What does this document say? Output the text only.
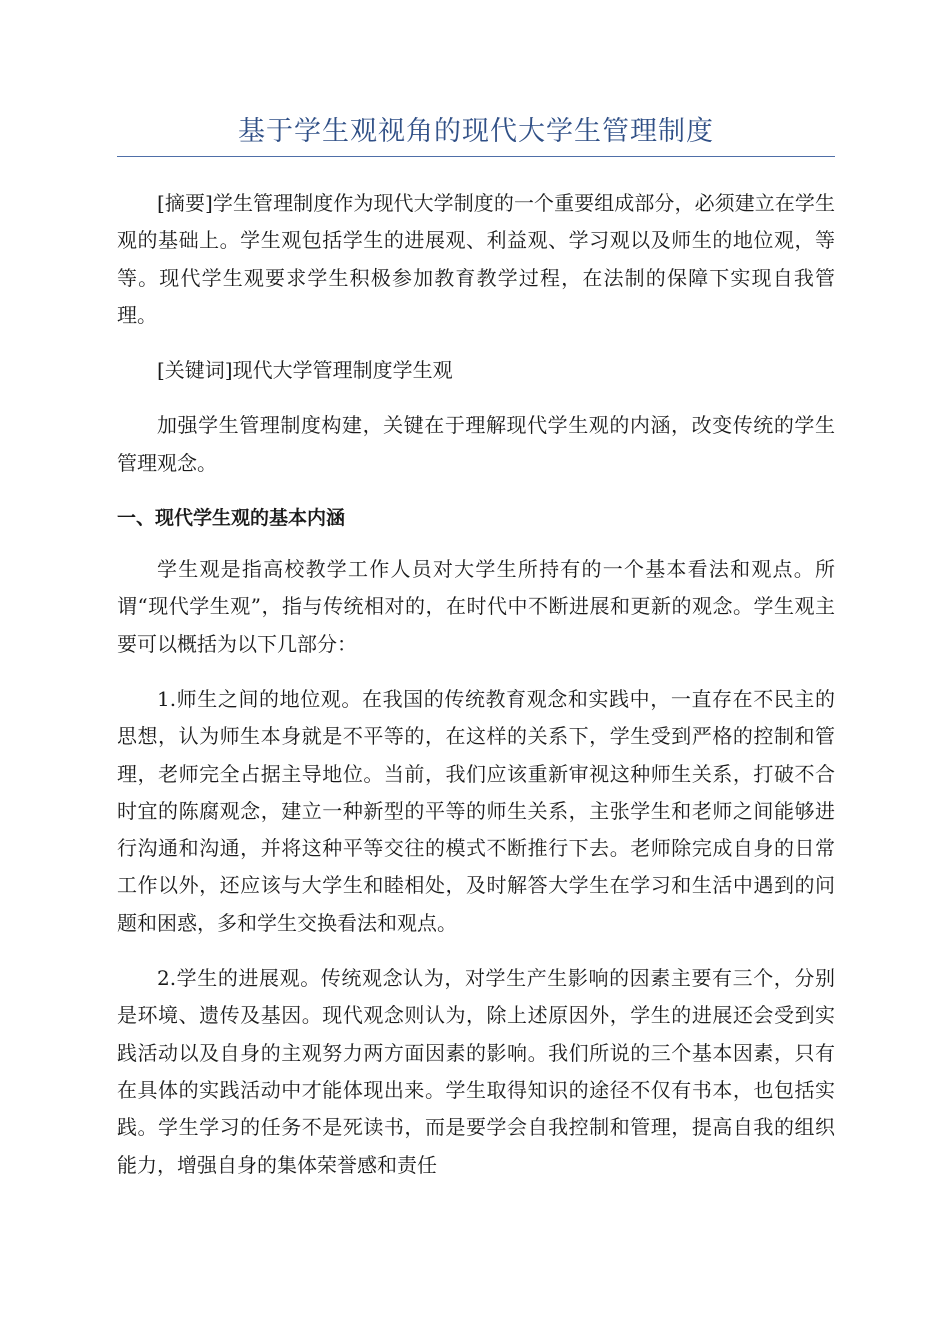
基于学生观视角的现代大学生管理制度

[摘要]学生管理制度作为现代大学制度的一个重要组成部分，必须建立在学生观的基础上。学生观包括学生的进展观、利益观、学习观以及师生的地位观，等等。现代学生观要求学生积极参加教育教学过程，在法制的保障下实现自我管理。

[关键词]现代大学管理制度学生观

加强学生管理制度构建，关键在于理解现代学生观的内涵，改变传统的学生管理观念。

一、现代学生观的基本内涵

学生观是指高校教学工作人员对大学生所持有的一个基本看法和观点。所谓“现代学生观”，指与传统相对的，在时代中不断进展和更新的观念。学生观主要可以概括为以下几部分：

1.师生之间的地位观。在我国的传统教育观念和实践中，一直存在不民主的思想，认为师生本身就是不平等的，在这样的关系下，学生受到严格的控制和管理，老师完全占据主导地位。当前，我们应该重新审视这种师生关系，打破不合时宜的陈腐观念，建立一种新型的平等的师生关系，主张学生和老师之间能够进行沟通和沟通，并将这种平等交往的模式不断推行下去。老师除完成自身的日常工作以外，还应该与大学生和睦相处，及时解答大学生在学习和生活中遇到的问题和困惑，多和学生交换看法和观点。

2.学生的进展观。传统观念认为，对学生产生影响的因素主要有三个，分别是环境、遗传及基因。现代观念则认为，除上述原因外，学生的进展还会受到实践活动以及自身的主观努力两方面因素的影响。我们所说的三个基本因素，只有在具体的实践活动中才能体现出来。学生取得知识的途径不仅有书本，也包括实践。学生学习的任务不是死读书，而是要学会自我控制和管理，提高自我的组织能力，增强自身的集体荣誉感和责任
